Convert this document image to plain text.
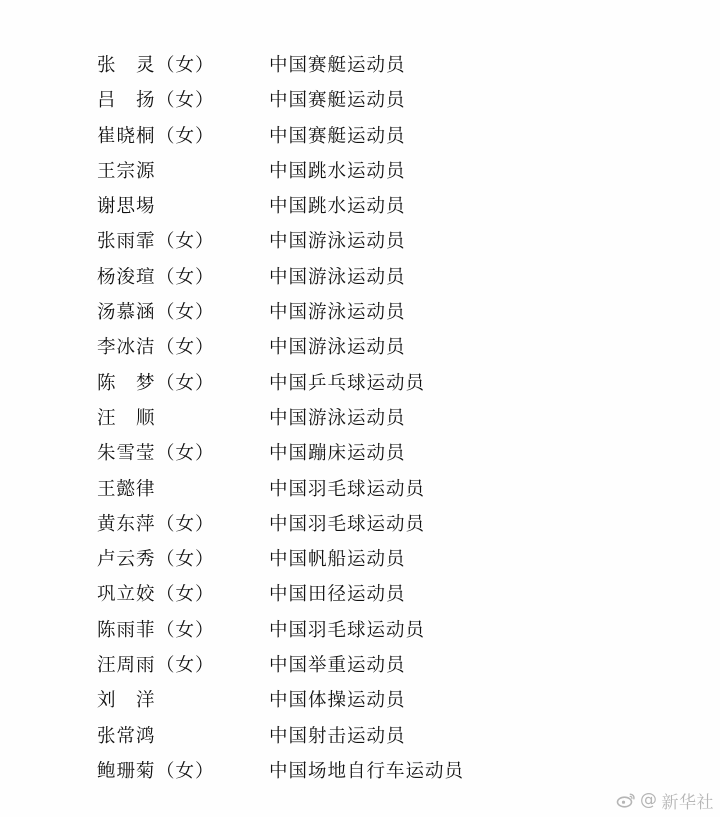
张　灵 （女）	中国赛艇运动员
吕　扬 （女）	中国赛艇运动员
崔晓桐 （女）	中国赛艇运动员
王宗源	中国跳水运动员
谢思埸	中国跳水运动员
张雨霏 （女）	中国游泳运动员
杨浚瑄 （女）	中国游泳运动员
汤慕涵 （女）	中国游泳运动员
李冰洁 （女）	中国游泳运动员
陈　梦 （女）	中国乒乓球运动员
汪　顺	中国游泳运动员
朱雪莹 （女）	中国蹦床运动员
王懿律	中国羽毛球运动员
黄东萍 （女）	中国羽毛球运动员
卢云秀 （女）	中国帆船运动员
巩立姣 （女）	中国田径运动员
陈雨菲 （女）	中国羽毛球运动员
汪周雨 （女）	中国举重运动员
刘　洋	中国体操运动员
张常鸿	中国射击运动员
鲍珊菊 （女）	中国场地自行车运动员
@ 新华社
